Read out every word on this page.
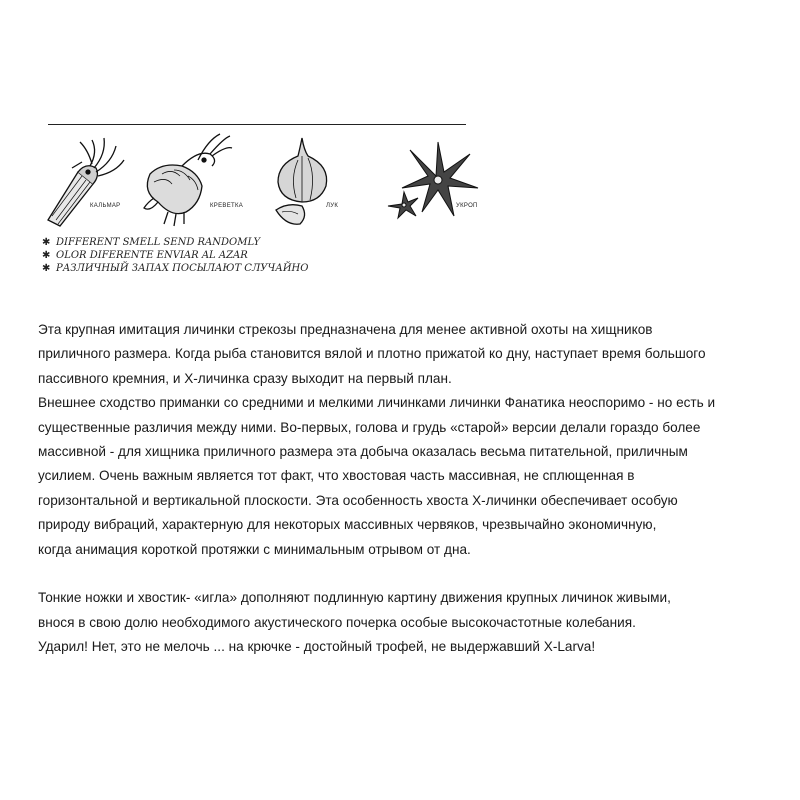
КАЛЬМАР	КРЕВЕТКА	ЛУК	УКРОП
✱ DIFFERENT SMELL SEND RANDOMLY
✱ OLOR DIFERENTE ENVIAR AL AZAR
✱ РАЗЛИЧНЫЙ ЗАПАХ ПОСЫЛАЮТ СЛУЧАЙНО
Эта крупная имитация личинки стрекозы предназначена для менее активной охоты на хищников
приличного размера. Когда рыба становится вялой и плотно прижатой ко дну, наступает время большого
пассивного кремния, и X-личинка сразу выходит на первый план.
Внешнее сходство приманки со средними и мелкими личинками личинки Фанатика неоспоримо - но есть и
существенные различия между ними. Во-первых, голова и грудь «старой» версии делали гораздо более
массивной - для хищника приличного размера эта добыча оказалась весьма питательной, приличным
усилием. Очень важным является тот факт, что хвостовая часть массивная, не сплющенная в
горизонтальной и вертикальной плоскости. Эта особенность хвоста X-личинки обеспечивает особую
природу вибраций, характерную для некоторых массивных червяков, чрезвычайно экономичную,
когда анимация короткой протяжки с минимальным отрывом от дна.
Тонкие ножки и хвостик- «игла» дополняют подлинную картину движения крупных личинок живыми,
внося в свою долю необходимого акустического почерка особые высокочастотные колебания.
Ударил! Нет, это не мелочь ... на крючке - достойный трофей, не выдержавший X-Larva!
